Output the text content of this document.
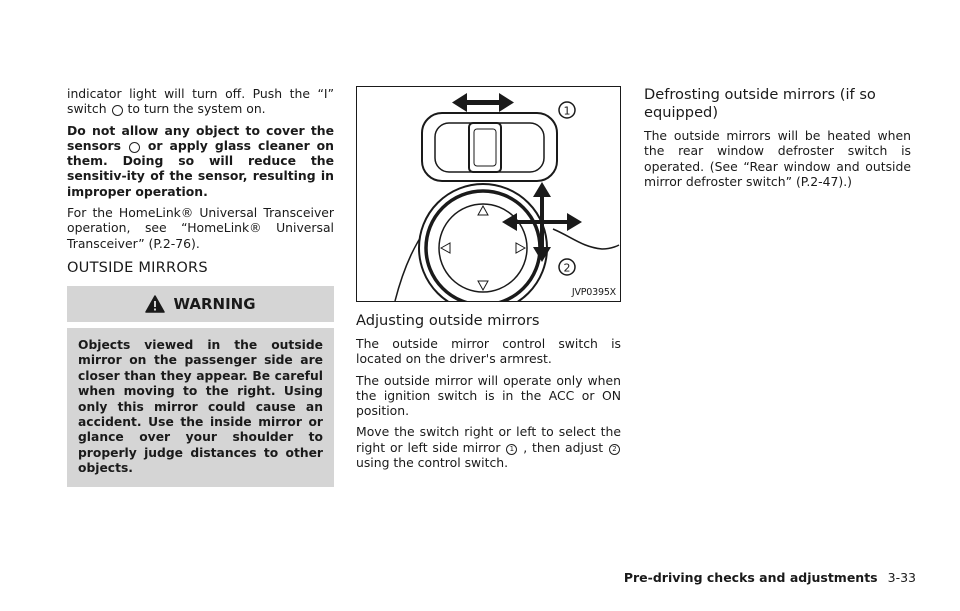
indicator light will turn off. Push the “I” switch to turn the system on.

Do not allow any object to cover the sensors or apply glass cleaner on them. Doing so will reduce the sensitiv-ity of the sensor, resulting in improper operation.

For the HomeLink® Universal Transceiver operation, see “HomeLink® Universal Transceiver” (P.2-76).

OUTSIDE MIRRORS
WARNING

Objects viewed in the outside mirror on the passenger side are closer than they appear. Be careful when moving to the right. Using only this mirror could cause an accident. Use the inside mirror or glance over your shoulder to properly judge distances to other objects.

1
2
JVP0395X
Adjusting outside mirrors

The outside mirror control switch is located on the driver's armrest.

The outside mirror will operate only when the ignition switch is in the ACC or ON position.

Move the switch right or left to select the right or left side mirror 1 , then adjust 2 using the control switch.

Defrosting outside mirrors (if so equipped)

The outside mirrors will be heated when the rear window defroster switch is operated. (See “Rear window and outside mirror defroster switch” (P.2-47).)

Pre-driving checks and adjustments 3-33
